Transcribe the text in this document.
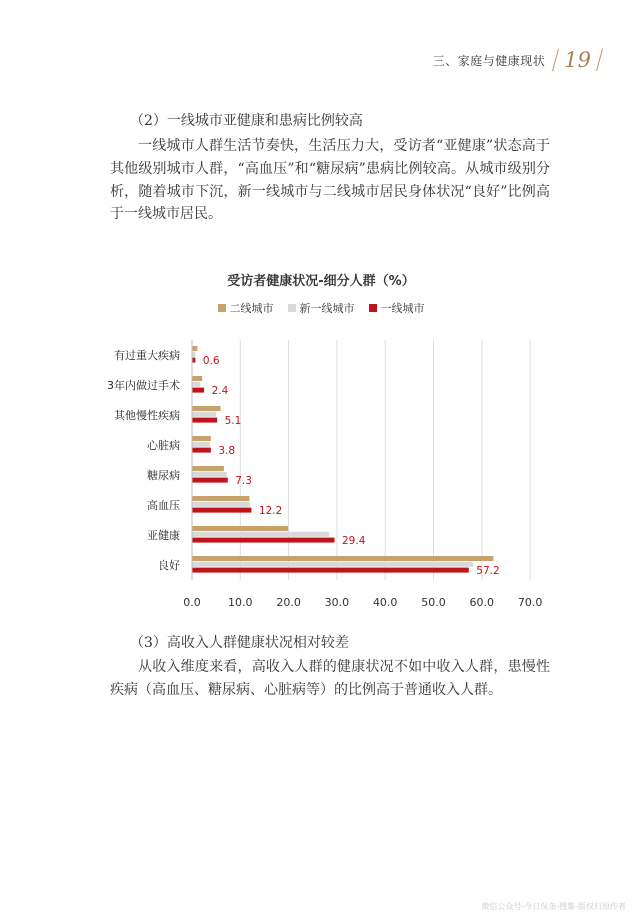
三、家庭与健康现状 19
（2）一线城市亚健康和患病比例较高

一线城市人群生活节奏快，生活压力大，受访者“亚健康”状态高于其他级别城市人群，“高血压”和“糖尿病”患病比例较高。从城市级别分析，随着城市下沉，新一线城市与二线城市居民身体状况“良好”比例高于一线城市居民。

受访者健康状况-细分人群（%）
二线城市 新一线城市 一线城市
0.0 10.0 20.0 30.0 40.0 50.0 60.0 70.0
有过重大疾病 0.6
3年内做过手术	2.4
其他慢性疾病	5.1
心脏病	3.8
糖尿病	7.3
高血压	12.2
亚健康	29.4
良好	57.2
（3）高收入人群健康状况相对较差

从收入维度来看，高收入人群的健康状况不如中收入人群，患慢性疾病（高血压、糖尿病、心脏病等）的比例高于普通收入人群。

微信公众号-今日保条-搜集-版权归原作者
